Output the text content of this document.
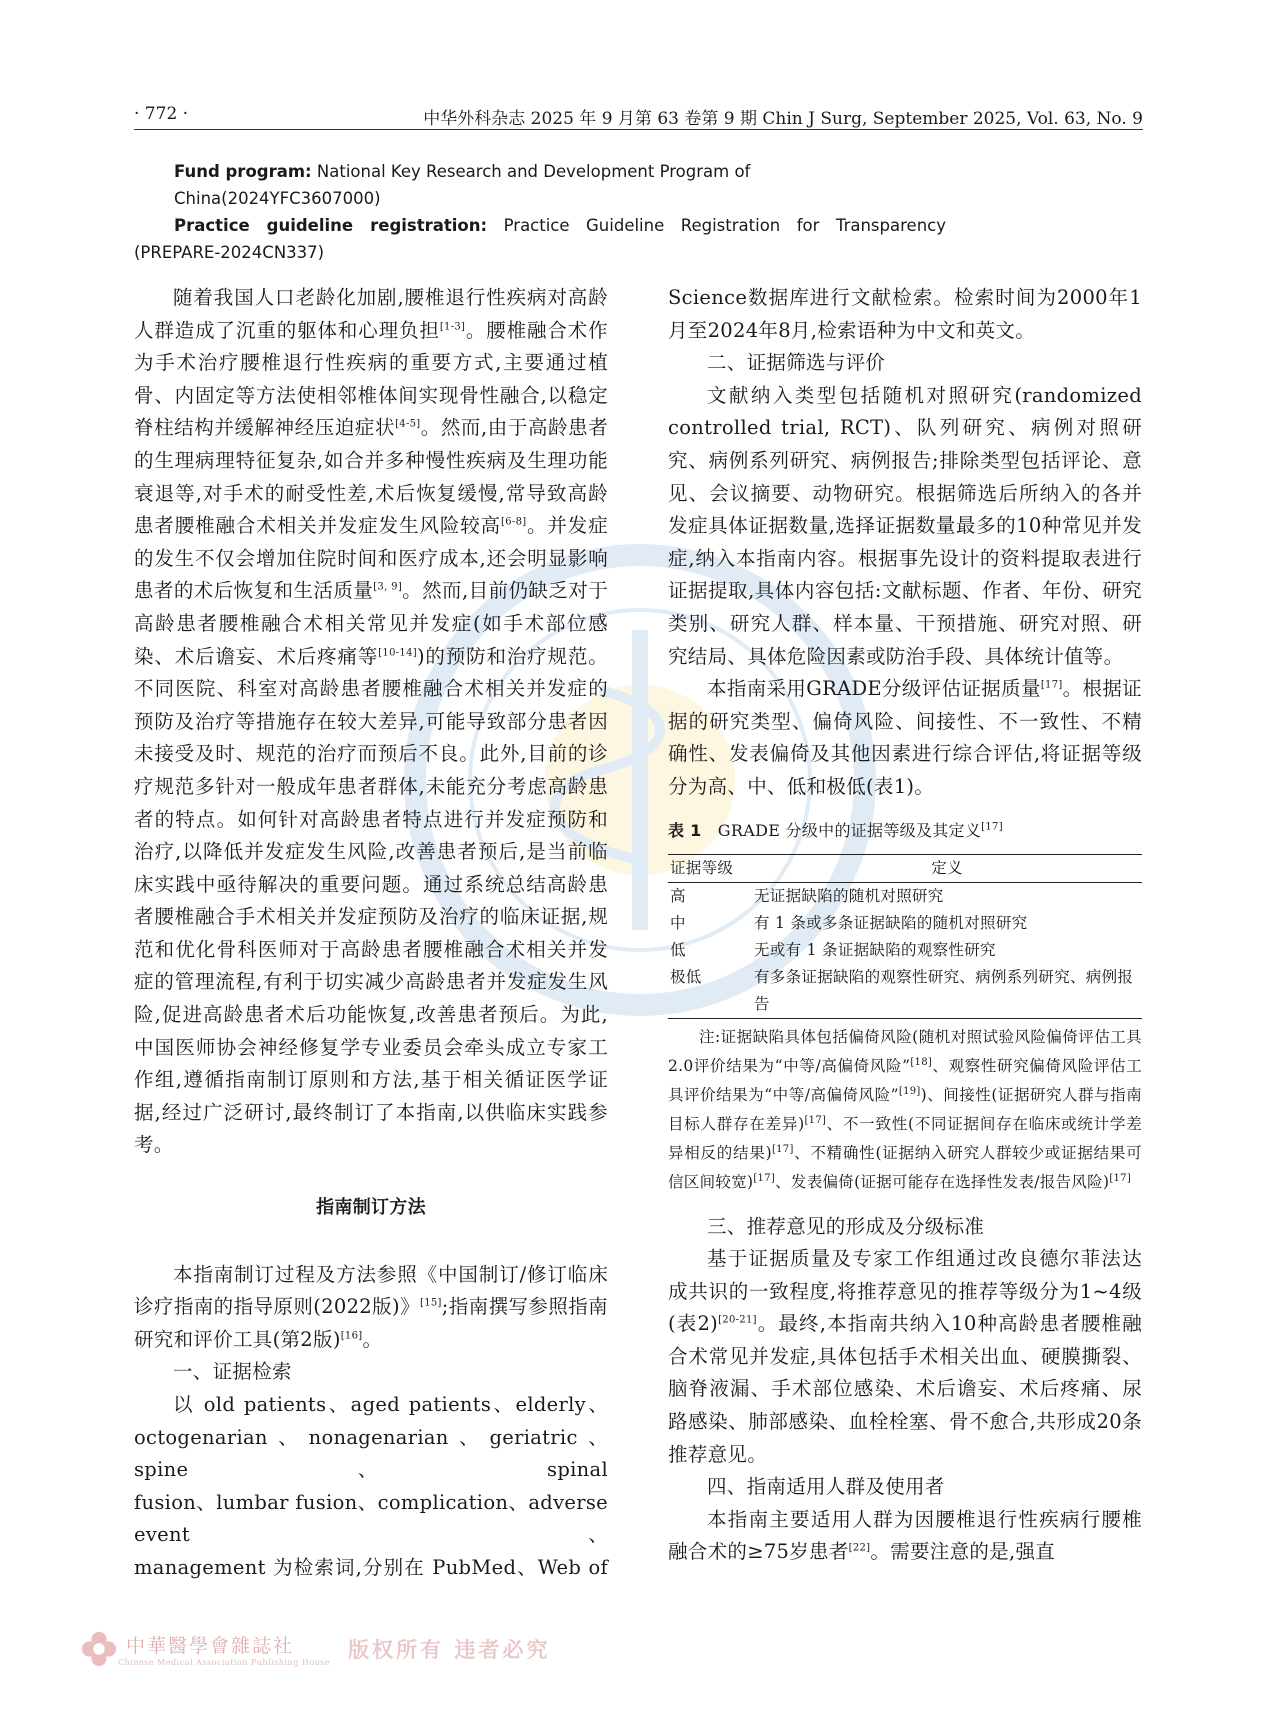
· 772 ·	中华外科杂志 2025 年 9 月第 63 卷第 9 期 Chin J Surg, September 2025, Vol. 63, No. 9

Fund program: National Key Research and Development Program of China(2024YFC3607000)

Practice guideline registration: Practice Guideline Registration for Transparency

(PREPARE-2024CN337)

随着我国人口老龄化加剧,腰椎退行性疾病对高龄人群造成了沉重的躯体和心理负担[1-3]。腰椎融合术作为手术治疗腰椎退行性疾病的重要方式,主要通过植骨、内固定等方法使相邻椎体间实现骨性融合,以稳定脊柱结构并缓解神经压迫症状[4-5]。然而,由于高龄患者的生理病理特征复杂,如合并多种慢性疾病及生理功能衰退等,对手术的耐受性差,术后恢复缓慢,常导致高龄患者腰椎融合术相关并发症发生风险较高[6-8]。并发症的发生不仅会增加住院时间和医疗成本,还会明显影响患者的术后恢复和生活质量[3, 9]。然而,目前仍缺乏对于高龄患者腰椎融合术相关常见并发症(如手术部位感染、术后谵妄、术后疼痛等[10-14])的预防和治疗规范。不同医院、科室对高龄患者腰椎融合术相关并发症的预防及治疗等措施存在较大差异,可能导致部分患者因未接受及时、规范的治疗而预后不良。此外,目前的诊疗规范多针对一般成年患者群体,未能充分考虑高龄患者的特点。如何针对高龄患者特点进行并发症预防和治疗,以降低并发症发生风险,改善患者预后,是当前临床实践中亟待解决的重要问题。通过系统总结高龄患者腰椎融合手术相关并发症预防及治疗的临床证据,规范和优化骨科医师对于高龄患者腰椎融合术相关并发症的管理流程,有利于切实减少高龄患者并发症发生风险,促进高龄患者术后功能恢复,改善患者预后。为此,中国医师协会神经修复学专业委员会牵头成立专家工作组,遵循指南制订原则和方法,基于相关循证医学证据,经过广泛研讨,最终制订了本指南,以供临床实践参考。

指南制订方法

本指南制订过程及方法参照《中国制订/修订临床诊疗指南的指导原则(2022版)》[15];指南撰写参照指南研究和评价工具(第2版)[16]。

一、证据检索

以 old patients、aged patients、elderly、

octogenarian、nonagenarian、geriatric、spine、spinal

fusion、lumbar fusion、complication、adverse event、

management 为检索词,分别在 PubMed、Web of

Science数据库进行文献检索。检索时间为2000年1月至2024年8月,检索语种为中文和英文。

二、证据筛选与评价

文献纳入类型包括随机对照研究(randomized controlled trial, RCT)、队列研究、病例对照研究、病例系列研究、病例报告;排除类型包括评论、意见、会议摘要、动物研究。根据筛选后所纳入的各并发症具体证据数量,选择证据数量最多的10种常见并发症,纳入本指南内容。根据事先设计的资料提取表进行证据提取,具体内容包括:文献标题、作者、年份、研究类别、研究人群、样本量、干预措施、研究对照、研究结局、具体危险因素或防治手段、具体统计值等。

本指南采用GRADE分级评估证据质量[17]。根据证据的研究类型、偏倚风险、间接性、不一致性、不精确性、发表偏倚及其他因素进行综合评估,将证据等级分为高、中、低和极低(表1)。

表 1 GRADE 分级中的证据等级及其定义[17]

证据等级	定义
高	无证据缺陷的随机对照研究
中	有 1 条或多条证据缺陷的随机对照研究
低	无或有 1 条证据缺陷的观察性研究
极低	有多条证据缺陷的观察性研究、病例系列研究、病例报告

注:证据缺陷具体包括偏倚风险(随机对照试验风险偏倚评估工具2.0评价结果为“中等/高偏倚风险”[18]、观察性研究偏倚风险评估工具评价结果为“中等/高偏倚风险”[19])、间接性(证据研究人群与指南目标人群存在差异)[17]、不一致性(不同证据间存在临床或统计学差异相反的结果)[17]、不精确性(证据纳入研究人群较少或证据结果可信区间较宽)[17]、发表偏倚(证据可能存在选择性发表/报告风险)[17]

三、推荐意见的形成及分级标准

基于证据质量及专家工作组通过改良德尔菲法达成共识的一致程度,将推荐意见的推荐等级分为1~4级(表2)[20-21]。最终,本指南共纳入10种高龄患者腰椎融合术常见并发症,具体包括手术相关出血、硬膜撕裂、脑脊液漏、手术部位感染、术后谵妄、术后疼痛、尿路感染、肺部感染、血栓栓塞、骨不愈合,共形成20条推荐意见。

四、指南适用人群及使用者

本指南主要适用人群为因腰椎退行性疾病行腰椎融合术的≥75岁患者[22]。需要注意的是,强直

中華醫學會雜誌社
Chinese Medical Association Publishing House
版权所有 违者必究
